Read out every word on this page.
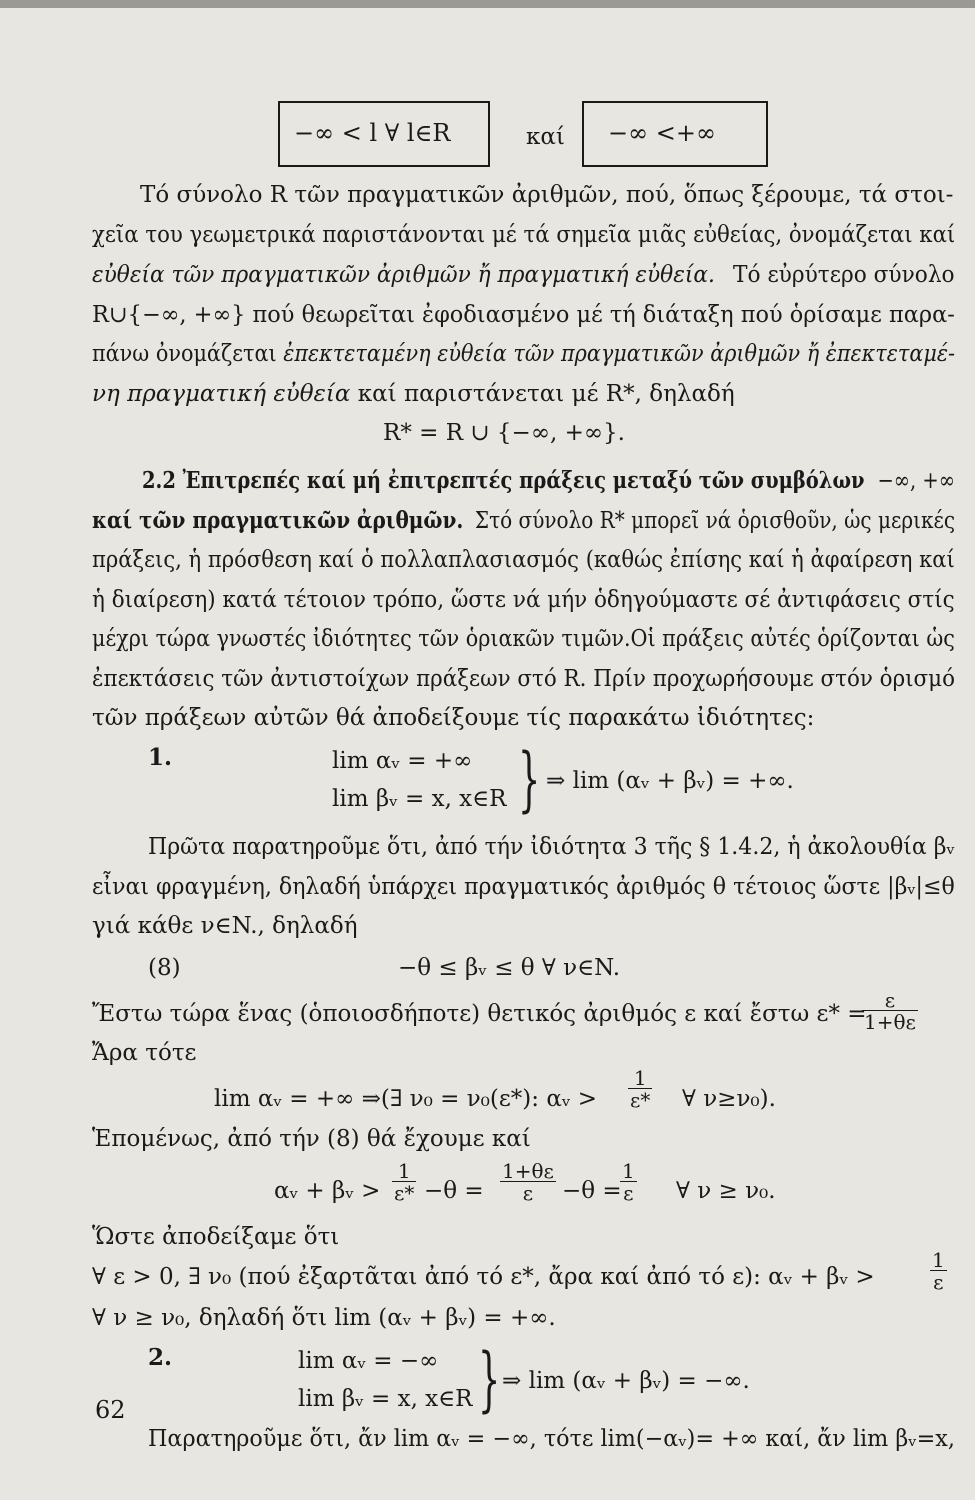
−∞ < l ∀ l∈R	καί −∞ <+∞
Τό σύνολο R τῶν πραγματικῶν ἀριθμῶν, πού, ὅπως ξέρουμε, τά στοι-
χεῖα του γεωμετρικά παριστάνονται μέ τά σημεῖα μιᾶς εὐθείας, ὀνομάζεται καί
εὐθεία τῶν πραγματικῶν ἀριθμῶν ἤ πραγματική εὐθεία. Τό εὐρύτερο σύνολο
R∪{−∞, +∞} πού θεωρεῖται ἐφοδιασμένο μέ τή διάταξη πού ὁρίσαμε παρα-
πάνω ὀνομάζεται ἐπεκτεταμένη εὐθεία τῶν πραγματικῶν ἀριθμῶν ἤ ἐπεκτεταμέ-
νη πραγματική εὐθεία καί παριστάνεται μέ R*, δηλαδή
R* = R ∪ {−∞, +∞}.
2.2 Ἐπιτρεπές καί μή ἐπιτρεπτές πράξεις μεταξύ τῶν συμβόλων −∞, +∞
καί τῶν πραγματικῶν ἀριθμῶν. Στό σύνολο R* μπορεῖ νά ὁρισθοῦν, ὡς μερικές
πράξεις, ἡ πρόσθεση καί ὁ πολλαπλασιασμός (καθώς ἐπίσης καί ἡ ἀφαίρεση καί
ἡ διαίρεση) κατά τέτοιον τρόπο, ὥστε νά μήν ὁδηγούμαστε σέ ἀντιφάσεις στίς
μέχρι τώρα γνωστές ἰδιότητες τῶν ὁριακῶν τιμῶν.Οἱ πράξεις αὐτές ὁρίζονται ὡς
ἐπεκτάσεις τῶν ἀντιστοίχων πράξεων στό R. Πρίν προχωρήσουμε στόν ὁρισμό
τῶν πράξεων αὐτῶν θά ἀποδείξουμε τίς παρακάτω ἰδιότητες:
1.	lim αᵥ = +∞
lim βᵥ = x, x∈R } ⇒ lim (αᵥ + βᵥ) = +∞.
Πρῶτα παρατηροῦμε ὅτι, ἀπό τήν ἰδιότητα 3 τῆς § 1.4.2, ἡ ἀκολουθία βᵥ
εἶναι φραγμένη, δηλαδή ὑπάρχει πραγματικός ἀριθμός θ τέτοιος ὥστε |βᵥ|≤θ
γιά κάθε ν∈N., δηλαδή
(8)	−θ ≤ βᵥ ≤ θ ∀ ν∈N.
Ἔστω τώρα ἕνας (ὁποιοσδήποτε) θετικός ἀριθμός ε καί ἔστω ε* =
$\frac{\varepsilon}{1+\theta\varepsilon}$
Ἄρα τότε
lim αᵥ = +∞ ⇒(∃ ν₀ = ν₀(ε*): αᵥ > $\frac{1}{\varepsilon*}$ ∀ ν≥ν₀).
Ἑπομένως, ἀπό τήν (8) θά ἔχουμε καί
αᵥ + βᵥ > $\frac{1}{\varepsilon*} -\theta = \frac{1+\theta\varepsilon}{\varepsilon} -\theta$ =
$\frac{1}{\varepsilon}$ ∀ ν ≥ ν₀.
Ὥστε ἀποδείξαμε ὅτι
∀ ε > 0, ∃ ν₀ (πού ἐξαρτᾶται ἀπό τό ε*, ἄρα καί ἀπό τό ε): αᵥ + βᵥ >	$\frac{1}{\varepsilon}$
∀ ν ≥ ν₀, δηλαδή ὅτι lim (αᵥ + βᵥ) = +∞.
2.	lim αᵥ = −∞
lim βᵥ = x, x∈R } ⇒ lim (αᵥ + βᵥ) = −∞.
Παρατηροῦμε ὅτι, ἄν lim αᵥ = −∞, τότε lim(−αᵥ)= +∞ καί, ἄν lim βᵥ=x,
62
